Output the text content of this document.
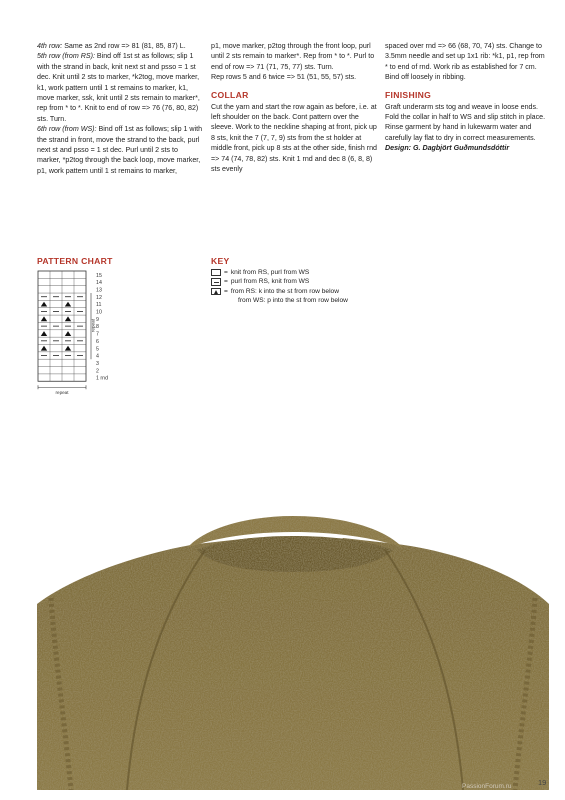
4th row: Same as 2nd row => 81 (81, 85, 87) L.

5th row (from RS): Bind off 1st st as follows; slip 1 with the strand in back, knit next st and psso = 1 st dec. Knit until 2 sts to marker, *k2tog, move marker, k1, work pattern until 1 st remains to marker, k1, move marker, ssk, knit until 2 sts remain to marker*, rep from * to *. Knit to end of row => 76 (76, 80, 82) sts. Turn.

6th row (from WS): Bind off 1st as follows; slip 1 with the strand in front, move the strand to the back, purl next st and psso = 1 st dec. Purl until 2 sts to marker, *p2tog through the back loop, move marker, p1, work pattern until 1 st remains to marker,

p1, move marker, p2tog through the front loop, purl until 2 sts remain to marker*. Rep from * to *. Purl to end of row => 71 (71, 75, 77) sts. Turn.

Rep rows 5 and 6 twice => 51 (51, 55, 57) sts.

COLLAR

Cut the yarn and start the row again as before, i.e. at left shoulder on the back. Cont pattern over the sleeve. Work to the neckline shaping at front, pick up 8 sts, knit the 7 (7, 7, 9) sts from the st holder at middle front, pick up 8 sts at the other side, finish rnd => 74 (74, 78, 82) sts. Knit 1 rnd and dec 8 (6, 8, 8) sts evenly

spaced over rnd => 66 (68, 70, 74) sts. Change to 3.5mm needle and set up 1x1 rib: *k1, p1, rep from * to end of rnd. Work rib as established for 7 cm. Bind off loosely in ribbing.

FINISHING

Graft underarm sts tog and weave in loose ends. Fold the collar in half to WS and slip stitch in place. Rinse garment by hand in lukewarm water and carefully lay flat to dry in correct measurements.

Design: G. Dagbjört Guðmundsdóttir

PATTERN CHART
15
14
13
12
11
10
9
8
7
6
5
4
3
2
1 rnd
repeat
repeat
KEY
= knit from RS, purl from WS
= purl from RS, knit from WS
= from RS: k into the st from row below
from WS: p into the st from row below
PassionForum.ru	19
